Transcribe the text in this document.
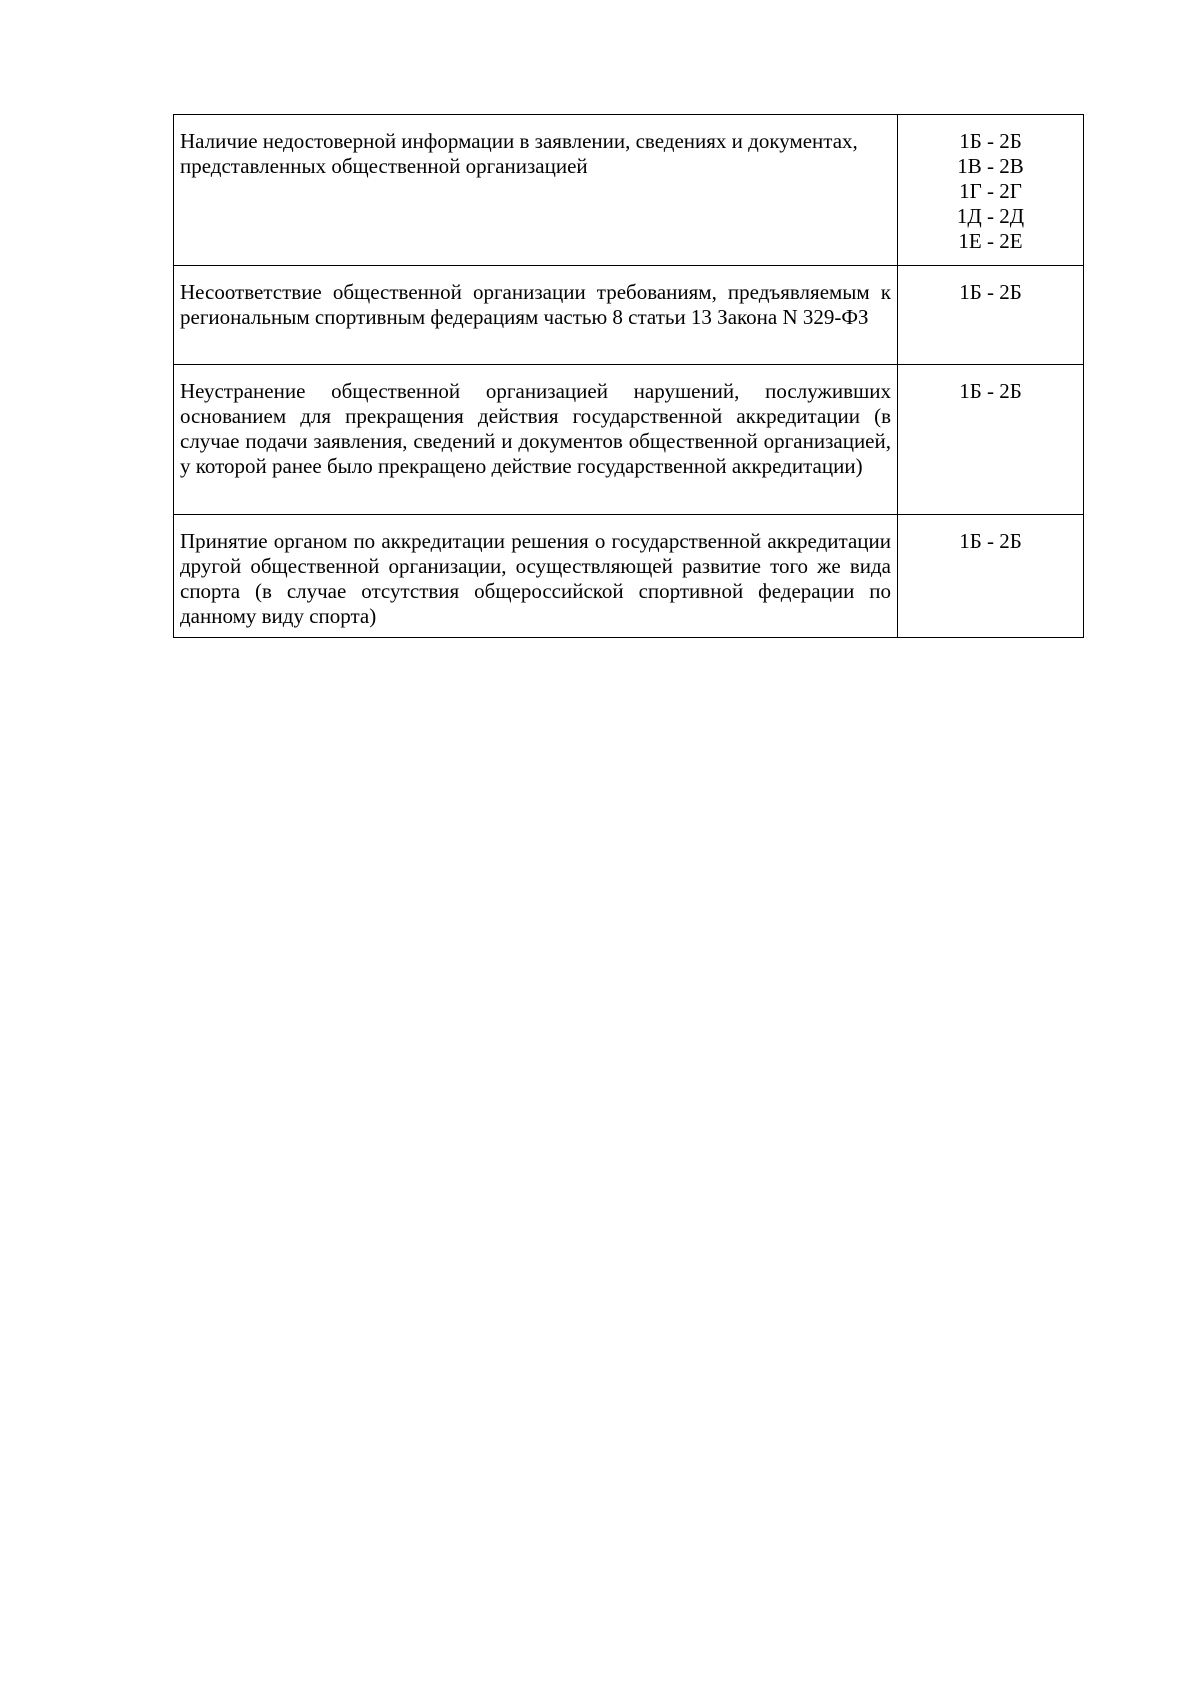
Наличие недостоверной информации в заявлении, сведениях и документах, представленных общественной организацией	1Б - 2Б
1В - 2В
1Г - 2Г
1Д - 2Д
1Е - 2Е

Несоответствие общественной организации требованиям, предъявляемым к региональным спортивным федерациям частью 8 статьи 13 Закона N 329-ФЗ	1Б - 2Б

Неустранение общественной организацией нарушений, послуживших основанием для прекращения действия государственной аккредитации (в случае подачи заявления, сведений и документов общественной организацией, у которой ранее было прекращено действие государственной аккредитации)	1Б - 2Б

Принятие органом по аккредитации решения о государственной аккредитации другой общественной организации, осуществляющей развитие того же вида спорта (в случае отсутствия общероссийской спортивной федерации по данному виду спорта)	1Б - 2Б
